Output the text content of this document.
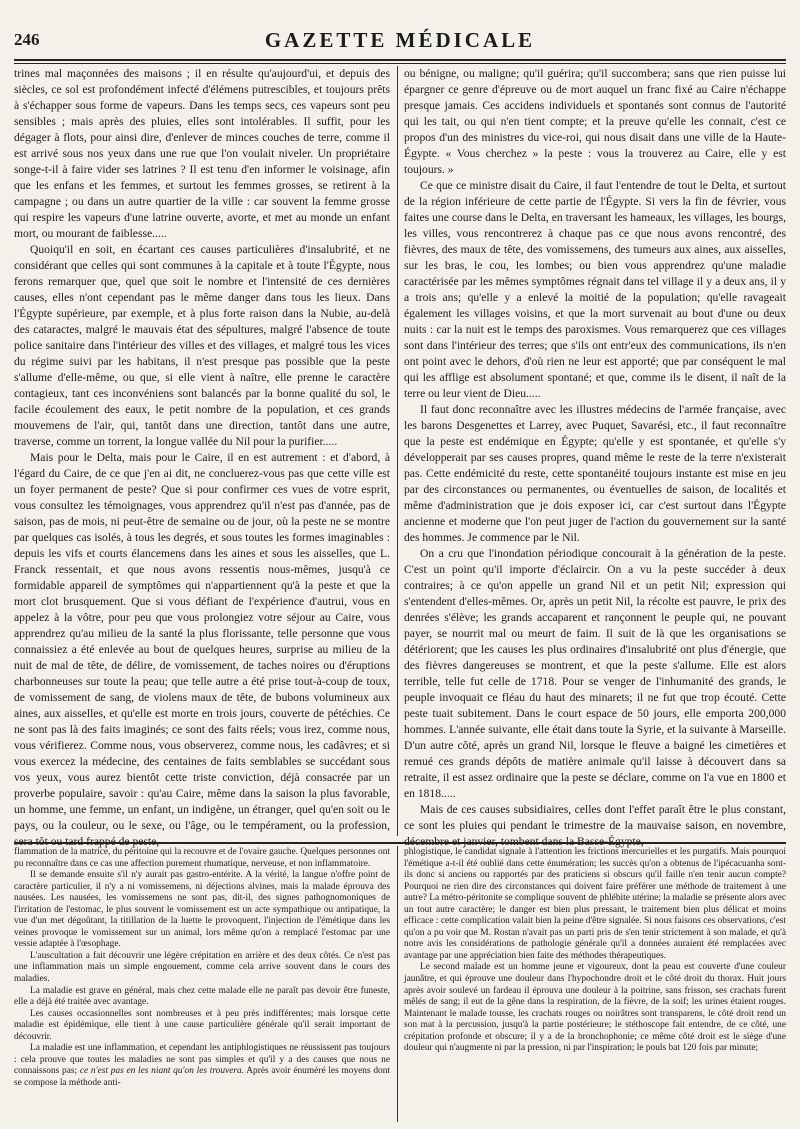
246	GAZETTE MÉDICALE

trines mal maçonnées des maisons ; il en résulte qu'aujourd'ui, et depuis des siècles, ce sol est profondément infecté d'élémens putrescibles, et toujours prêts à s'échapper sous forme de vapeurs. Dans les temps secs, ces vapeurs sont peu sensibles ; mais après des pluies, elles sont intolérables. Il suffit, pour les dégager à flots, pour ainsi dire, d'enlever de minces couches de terre, comme il est arrivé sous nos yeux dans une rue que l'on voulait niveler. Un propriétaire songe-t-il à faire vider ses latrines ? Il est tenu d'en informer le voisinage, afin que les enfans et les femmes, et surtout les femmes grosses, se retirent à la campagne ; ou dans un autre quartier de la ville : car souvent la femme grosse qui respire les vapeurs d'une latrine ouverte, avorte, et met au monde un enfant mort, ou mourant de faiblesse.....

Quoiqu'il en soit, en écartant ces causes particulières d'insalubrité, et ne considérant que celles qui sont communes à la capitale et à toute l'Égypte, nous ferons remarquer que, quel que soit le nombre et l'intensité de ces dernières causes, elles n'ont cependant pas le même danger dans tous les lieux. Dans l'Égypte supérieure, par exemple, et à plus forte raison dans la Nubie, au-delà des cataractes, malgré le mauvais état des sépultures, malgré l'absence de toute police sanitaire dans l'intérieur des villes et des villages, et malgré tous les vices du régime suivi par les habitans, il n'est presque pas possible que la peste s'allume d'elle-même, ou que, si elle vient à naître, elle prenne le caractère contagieux, tant ces inconvéniens sont balancés par la bonne qualité du sol, le facile écoulement des eaux, le petit nombre de la population, et ces grands mouvemens de l'air, qui, tantôt dans une direction, tantôt dans une autre, traverse, comme un torrent, la longue vallée du Nil pour la purifier.....

Mais pour le Delta, mais pour le Caire, il en est autrement : et d'abord, à l'égard du Caire, de ce que j'en ai dit, ne concluerez-vous pas que cette ville est un foyer permanent de peste? Que si pour confirmer ces vues de votre esprit, vous consultez les témoignages, vous apprendrez qu'il n'est pas d'année, pas de saison, pas de mois, ni peut-être de semaine ou de jour, où la peste ne se montre par quelques cas isolés, à tous les degrés, et sous toutes les formes imaginables : depuis les vifs et courts élancemens dans les aines et sous les aisselles, que L. Franck ressentait, et que nous avons ressentis nous-mêmes, jusqu'à ce formidable appareil de symptômes qui n'appartiennent qu'à la peste et que la mort clot brusquement. Que si vous défiant de l'expérience d'autrui, vous en appelez à la vôtre, pour peu que vous prolongiez votre séjour au Caire, vous apprendrez qu'au milieu de la santé la plus florissante, telle personne que vous connaissiez a été enlevée au bout de quelques heures, surprise au milieu de la nuit de mal de tête, de délire, de vomissement, de taches noires ou d'éruptions charbonneuses sur toute la peau; que telle autre a été prise tout-à-coup de toux, de vomissement de sang, de violens maux de tête, de bubons volumineux aux aines, aux aisselles, et qu'elle est morte en trois jours, couverte de pétéchies. Ce ne sont pas là des faits imaginés; ce sont des faits réels; vous irez, comme nous, vous vérifierez. Comme nous, vous observerez, comme nous, les cadâvres; et si vous exercez la médecine, des centaines de faits semblables se succédant sous vos yeux, vous aurez bientôt cette triste conviction, déjà consacrée par un proverbe populaire, savoir : qu'au Caire, même dans la saison la plus favorable, un homme, une femme, un enfant, un indigène, un étranger, quel qu'en soit ou le pays, ou la couleur, ou le sexe, ou l'âge, ou le tempérament, ou la profession, sera tôt ou tard frappé de peste,

ou bénigne, ou maligne; qu'il guérira; qu'il succombera; sans que rien puisse lui épargner ce genre d'épreuve ou de mort auquel un franc fixé au Caire n'échappe presque jamais. Ces accidens individuels et spontanés sont connus de l'autorité qui les tait, ou qui n'en tient compte; et la preuve qu'elle les connait, c'est ce propos d'un des ministres du vice-roi, qui nous disait dans une ville de la Haute-Égypte. « Vous cherchez » la peste : vous la trouverez au Caire, elle y est toujours. »

Ce que ce ministre disait du Caire, il faut l'entendre de tout le Delta, et surtout de la région inférieure de cette partie de l'Égypte. Si vers la fin de février, vous faites une course dans le Delta, en traversant les hameaux, les villages, les bourgs, les villes, vous rencontrerez à chaque pas ce que nous avons rencontré, des fièvres, des maux de tête, des vomissemens, des tumeurs aux aines, aux aisselles, sur les bras, le cou, les lombes; ou bien vous apprendrez qu'une maladie caractérisée par les mêmes symptômes régnait dans tel village il y a deux ans, il y a trois ans; qu'elle y a enlevé la moitié de la population; qu'elle ravageait également les villages voisins, et que la mort survenait au bout d'une ou deux nuits : car la nuit est le temps des paroxismes. Vous remarquerez que ces villages sont dans l'intérieur des terres; que s'ils ont entr'eux des communications, ils n'en ont point avec le dehors, d'où rien ne leur est apporté; que par conséquent le mal qui les afflige est absolument spontané; et que, comme ils le disent, il naît de la terre ou leur vient de Dieu.....

Il faut donc reconnaître avec les illustres médecins de l'armée française, avec les barons Desgenettes et Larrey, avec Puquet, Savarési, etc., il faut reconnaître que la peste est endémique en Égypte; qu'elle y est spontanée, et qu'elle s'y développerait par ses causes propres, quand même le reste de la terre n'existerait pas. Cette endémicité du reste, cette spontanéité toujours instante est mise en jeu par des circonstances ou permanentes, ou éventuelles de saison, de localités et même d'administration que je dois exposer ici, car c'est surtout dans l'Égypte ancienne et moderne que l'on peut juger de l'action du gouvernement sur la santé des hommes. Je commence par le Nil.

On a cru que l'inondation périodique concourait à la génération de la peste. C'est un point qu'il importe d'éclaircir. On a vu la peste succéder à deux contraires; à ce qu'on appelle un grand Nil et un petit Nil; expression qui s'entendent d'elles-mêmes. Or, après un petit Nil, la récolte est pauvre, le prix des denrées s'élève; les grands accaparent et rançonnent le peuple qui, ne pouvant payer, se nourrit mal ou meurt de faim. Il suit de là que les organisations se détériorent; que les causes les plus ordinaires d'insalubrité ont plus d'énergie, que des fièvres dangereuses se montrent, et que la peste s'allume. Elle est alors terrible, telle fut celle de 1718. Pour se venger de l'inhumanité des grands, le peuple invoquait ce fléau du haut des minarets; il ne fut que trop écouté. Cette peste tuait subitement. Dans le court espace de 50 jours, elle emporta 200,000 hommes. L'année suivante, elle était dans toute la Syrie, et la suivante à Marseille. D'un autre côté, après un grand Nil, lorsque le fleuve a baigné les cimetières et remué ces grands dépôts de matière animale qu'il laisse à découvert dans sa retraite, il est assez ordinaire que la peste se déclare, comme on l'a vue en 1800 et en 1818.....

Mais de ces causes subsidiaires, celles dont l'effet paraît être le plus constant, ce sont les pluies qui pendant le trimestre de la mauvaise saison, en novembre, décembre et janvier, tombent dans la Basse-Égypte,

flammation de la matrice, du péritoine qui la recouvre et de l'ovaire gauche. Quelques personnes ont pu reconnaître dans ce cas une affection purement rhumatique, nerveuse, et non inflammatoire.

Il se demande ensuite s'il n'y aurait pas gastro-entérite. A la vérité, la langue n'offre point de caractère particulier, il n'y a ni vomissemens, ni déjections alvines, mais la malade éprouva des nausées. Les nausées, les vomissemens ne sont pas, dit-il, des signes pathognomoniques de l'irritation de l'estomac, le plus souvent le vomissement est un acte sympathique ou antipatique, la vue d'un met dégoûtant, la titillation de la luette le provoquent, l'injection de l'émétique dans les veines provoque le vomissement sur un animal, lors même qu'on a remplacé l'estomac par une vessie adaptée à l'œsophage.

L'auscultation a fait découvrir une légère crépitation en arrière et des deux côtés. Ce n'est pas une inflammation mais un simple engouement, comme cela arrive souvent dans le cours des maladies.

La maladie est grave en général, mais chez cette malade elle ne paraît pas devoir être funeste, elle a déjà été traitée avec avantage.

Les causes occasionnelles sont nombreuses et à peu près indifférentes; mais lorsque cette maladie est épidémique, elle tient à une cause particulière générale qu'il serait important de découvrir.

La maladie est une inflammation, et cependant les antiphlogistiques ne réussissent pas toujours : cela prouve que toutes les maladies ne sont pas simples et qu'il y a des causes que nous ne connaissons pas; ce n'est pas en les niant qu'on les trouvera. Après avoir énuméré les moyens dont se compose la méthode anti-

phlogistique, le candidat signale à l'attention les frictions mercurielles et les purgatifs. Mais pourquoi l'émétique a-t-il été oublié dans cette énumération; les succès qu'on a obtenus de l'ipécacuanha sont-ils donc si anciens ou rapportés par des praticiens si obscurs qu'il faille n'en tenir aucun compte? Pourquoi ne rien dire des circonstances qui doivent faire préférer une méthode de traitement à une autre? La métro-péritonite se complique souvent de phlébite utérine; la maladie se présente alors avec un tout autre caractère; le danger est bien plus pressant, le traitement bien plus délicat et moins efficace : cette complication valait bien la peine d'être signalée. Si nous faisons ces observations, c'est qu'on a pu voir que M. Rostan n'avait pas un parti pris de s'en tenir strictement à son malade, et qu'à notre avis les considérations de pathologie générale qu'il a données auraient été remplacées avec avantage par une appréciation bien faite des méthodes thérapeutiques.

Le second malade est un homme jeune et vigoureux, dont la peau est couverte d'une couleur jaunâtre, et qui éprouve une douleur dans l'hypochondre droit et le côté droit du thorax. Huit jours après avoir soulevé un fardeau il éprouva une douleur à la poitrine, sans frisson, ses crachats furent mêlés de sang; il eut de la gêne dans la respiration, de la fièvre, de la soif; les urines étaient rouges. Maintenant le malade tousse, les crachats rouges ou noirâtres sont transparens, le côté droit rend un son mat à la percussion, jusqu'à la partie postérieure; le stéthoscope fait entendre, de ce côté, une crépitation profonde et obscure; il y a de la bronchophonie; ce même côté droit est le siège d'une douleur qui n'augmente ni par la pression, ni par l'inspiration; le pouls bat 120 fois par minute;
